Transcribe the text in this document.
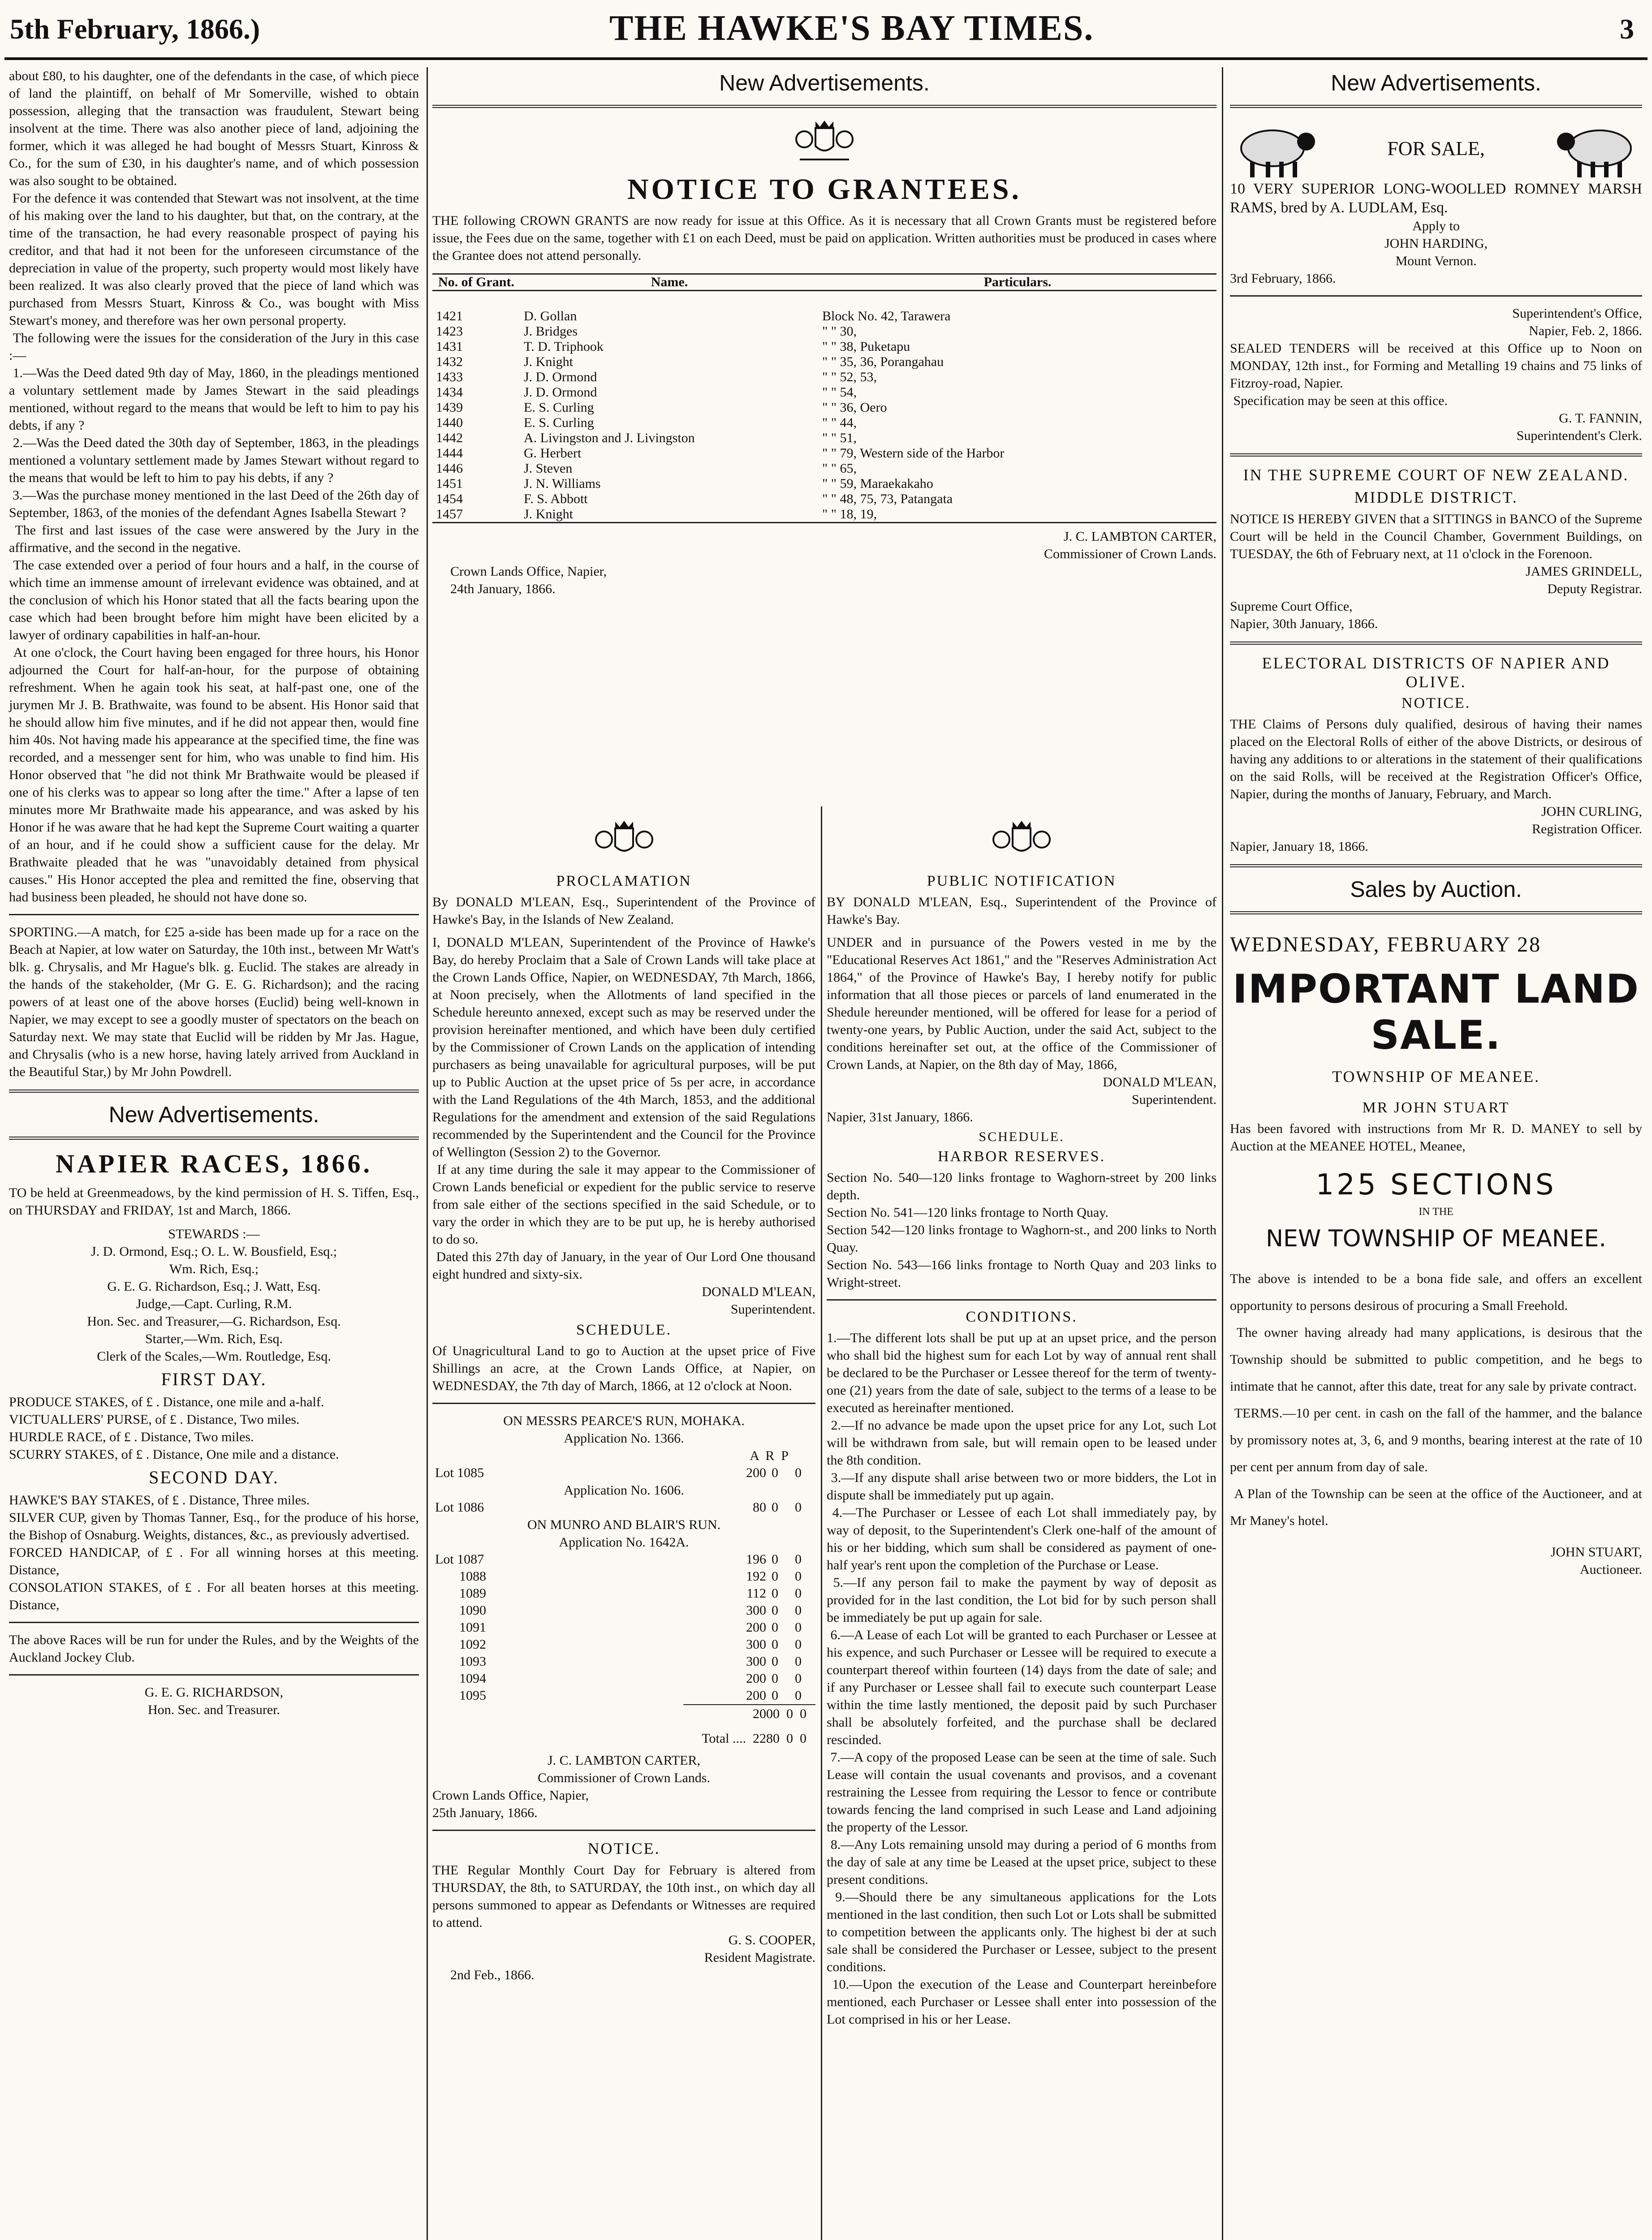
5th February, 1866.)	THE HAWKE'S BAY TIMES.	3
about £80, to his daughter, one of the defendants in the case, of which piece of land the plaintiff, on behalf of Mr Somerville, wished to obtain possession, alleging that the transaction was fraudulent, Stewart being insolvent at the time. There was also another piece of land, adjoining the former, which it was alleged he had bought of Messrs Stuart, Kinross & Co., for the sum of £30, in his daughter's name, and of which possession was also sought to be obtained.
For the defence it was contended that Stewart was not insolvent, at the time of his making over the land to his daughter, but that, on the contrary, at the time of the transaction, he had every reasonable prospect of paying his creditor, and that had it not been for the unforeseen circumstance of the depreciation in value of the property, such property would most likely have been realized. It was also clearly proved that the piece of land which was purchased from Messrs Stuart, Kinross & Co., was bought with Miss Stewart's money, and therefore was her own personal property.
The following were the issues for the consideration of the Jury in this case :—
1.—Was the Deed dated 9th day of May, 1860, in the pleadings mentioned a voluntary settlement made by James Stewart in the said pleadings mentioned, without regard to the means that would be left to him to pay his debts, if any ?
2.—Was the Deed dated the 30th day of September, 1863, in the pleadings mentioned a voluntary settlement made by James Stewart without regard to the means that would be left to him to pay his debts, if any ?
3.—Was the purchase money mentioned in the last Deed of the 26th day of September, 1863, of the monies of the defendant Agnes Isabella Stewart ?
The first and last issues of the case were answered by the Jury in the affirmative, and the second in the negative.
The case extended over a period of four hours and a half, in the course of which time an immense amount of irrelevant evidence was obtained, and at the conclusion of which his Honor stated that all the facts bearing upon the case which had been brought before him might have been elicited by a lawyer of ordinary capabilities in half-an-hour.
At one o'clock, the Court having been engaged for three hours, his Honor adjourned the Court for half-an-hour, for the purpose of obtaining refreshment. When he again took his seat, at half-past one, one of the jurymen Mr J. B. Brathwaite, was found to be absent. His Honor said that he should allow him five minutes, and if he did not appear then, would fine him 40s. Not having made his appearance at the specified time, the fine was recorded, and a messenger sent for him, who was unable to find him. His Honor observed that "he did not think Mr Brathwaite would be pleased if one of his clerks was to appear so long after the time." After a lapse of ten minutes more Mr Brathwaite made his appearance, and was asked by his Honor if he was aware that he had kept the Supreme Court waiting a quarter of an hour, and if he could show a sufficient cause for the delay. Mr Brathwaite pleaded that he was "unavoidably detained from physical causes." His Honor accepted the plea and remitted the fine, observing that had business been pleaded, he should not have done so.
SPORTING.—A match, for £25 a-side has been made up for a race on the Beach at Napier, at low water on Saturday, the 10th inst., between Mr Watt's blk. g. Chrysalis, and Mr Hague's blk. g. Euclid. The stakes are already in the hands of the stakeholder, (Mr G. E. G. Richardson); and the racing powers of at least one of the above horses (Euclid) being well-known in Napier, we may except to see a goodly muster of spectators on the beach on Saturday next. We may state that Euclid will be ridden by Mr Jas. Hague, and Chrysalis (who is a new horse, having lately arrived from Auckland in the Beautiful Star,) by Mr John Powdrell.
New Advertisements.
NAPIER RACES, 1866.
TO be held at Greenmeadows, by the kind permission of H. S. Tiffen, Esq., on THURSDAY and FRIDAY, 1st and March, 1866.
STEWARDS :—
J. D. Ormond, Esq.; O. L. W. Bousfield, Esq.;
Wm. Rich, Esq.;
G. E. G. Richardson, Esq.; J. Watt, Esq.
Judge,—Capt. Curling, R.M.
Hon. Sec. and Treasurer,—G. Richardson, Esq.
Starter,—Wm. Rich, Esq.
Clerk of the Scales,—Wm. Routledge, Esq.
FIRST DAY.
PRODUCE STAKES, of £ . Distance, one mile and a-half.
VICTUALLERS' PURSE, of £ . Distance, Two miles.
HURDLE RACE, of £ . Distance, Two miles.
SCURRY STAKES, of £ . Distance, One mile and a distance.
SECOND DAY.
HAWKE'S BAY STAKES, of £ . Distance, Three miles.
SILVER CUP, given by Thomas Tanner, Esq., for the produce of his horse, the Bishop of Osnaburg. Weights, distances, &c., as previously advertised.
FORCED HANDICAP, of £ . For all winning horses at this meeting. Distance,
CONSOLATION STAKES, of £ . For all beaten horses at this meeting. Distance,
The above Races will be run for under the Rules, and by the Weights of the Auckland Jockey Club.
G. E. G. RICHARDSON,
Hon. Sec. and Treasurer.
New Advertisements.
NOTICE TO GRANTEES.
THE following CROWN GRANTS are now ready for issue at this Office. As it is necessary that all Crown Grants must be registered before issue, the Fees due on the same, together with £1 on each Deed, must be paid on application. Written authorities must be produced in cases where the Grantee does not attend personally.
No. of Grant.	Name.	Particulars.

1421	D. Gollan	Block No. 42, Tarawera
1423	J. Bridges	" " 30,
1431	T. D. Triphook	" " 38, Puketapu
1432	J. Knight	" " 35, 36, Porangahau
1433	J. D. Ormond	" " 52, 53,
1434	J. D. Ormond	" " 54,
1439	E. S. Curling	" " 36, Oero
1440	E. S. Curling	" " 44,
1442	A. Livingston and J. Livingston	" " 51,
1444	G. Herbert	" " 79, Western side of the Harbor
1446	J. Steven	" " 65,
1451	J. N. Williams	" " 59, Maraekakaho
1454	F. S. Abbott	" " 48, 75, 73, Patangata
1457	J. Knight	" " 18, 19,
J. C. LAMBTON CARTER,
Commissioner of Crown Lands.
Crown Lands Office, Napier,
24th January, 1866.
PROCLAMATION
By DONALD M'LEAN, Esq., Superintendent of the Province of Hawke's Bay, in the Islands of New Zealand.
I, DONALD M'LEAN, Superintendent of the Province of Hawke's Bay, do hereby Proclaim that a Sale of Crown Lands will take place at the Crown Lands Office, Napier, on WEDNESDAY, 7th March, 1866, at Noon precisely, when the Allotments of land specified in the Schedule hereunto annexed, except such as may be reserved under the provision hereinafter mentioned, and which have been duly certified by the Commissioner of Crown Lands on the application of intending purchasers as being unavailable for agricultural purposes, will be put up to Public Auction at the upset price of 5s per acre, in accordance with the Land Regulations of the 4th March, 1853, and the additional Regulations for the amendment and extension of the said Regulations recommended by the Superintendent and the Council for the Province of Wellington (Session 2) to the Governor.
If at any time during the sale it may appear to the Commissioner of Crown Lands beneficial or expedient for the public service to reserve from sale either of the sections specified in the said Schedule, or to vary the order in which they are to be put up, he is hereby authorised to do so.
Dated this 27th day of January, in the year of Our Lord One thousand eight hundred and sixty-six.
DONALD M'LEAN,
Superintendent.
SCHEDULE.
Of Unagricultural Land to go to Auction at the upset price of Five Shillings an acre, at the Crown Lands Office, at Napier, on WEDNESDAY, the 7th day of March, 1866, at 12 o'clock at Noon.
ON MESSRS PEARCE'S RUN, MOHAKA.
Application No. 1366.
A  R  P
Lot 1085	200	0	0
Application No. 1606.
Lot 1086	80	0	0
ON MUNRO AND BLAIR'S RUN.
Application No. 1642A.
Lot 1087	196	0	0
1088	192	0	0
1089	112	0	0
1090	300	0	0
1091	200	0	0
1092	300	0	0
1093	300	0	0
1094	200	0	0
1095	200	0	0
2000  0  0
Total ....  2280  0  0
J. C. LAMBTON CARTER,
Commissioner of Crown Lands.
Crown Lands Office, Napier,
25th January, 1866.
NOTICE.
THE Regular Monthly Court Day for February is altered from THURSDAY, the 8th, to SATURDAY, the 10th inst., on which day all persons summoned to appear as Defendants or Witnesses are required to attend.
G. S. COOPER,
Resident Magistrate.
2nd Feb., 1866.
PUBLIC NOTIFICATION
BY DONALD M'LEAN, Esq., Superintendent of the Province of Hawke's Bay.
UNDER and in pursuance of the Powers vested in me by the "Educational Reserves Act 1861," and the "Reserves Administration Act 1864," of the Province of Hawke's Bay, I hereby notify for public information that all those pieces or parcels of land enumerated in the Shedule hereunder mentioned, will be offered for lease for a period of twenty-one years, by Public Auction, under the said Act, subject to the conditions hereinafter set out, at the office of the Commissioner of Crown Lands, at Napier, on the 8th day of May, 1866,
DONALD M'LEAN,
Superintendent.
Napier, 31st January, 1866.
SCHEDULE.
HARBOR RESERVES.
Section No. 540—120 links frontage to Waghorn-street by 200 links depth.
Section No. 541—120 links frontage to North Quay.
Section 542—120 links frontage to Waghorn-st., and 200 links to North Quay.
Section No. 543—166 links frontage to North Quay and 203 links to Wright-street.
CONDITIONS.
1.—The different lots shall be put up at an upset price, and the person who shall bid the highest sum for each Lot by way of annual rent shall be declared to be the Purchaser or Lessee thereof for the term of twenty-one (21) years from the date of sale, subject to the terms of a lease to be executed as hereinafter mentioned.
2.—If no advance be made upon the upset price for any Lot, such Lot will be withdrawn from sale, but will remain open to be leased under the 8th condition.
3.—If any dispute shall arise between two or more bidders, the Lot in dispute shall be immediately put up again.
4.—The Purchaser or Lessee of each Lot shall immediately pay, by way of deposit, to the Superintendent's Clerk one-half of the amount of his or her bidding, which sum shall be considered as payment of one-half year's rent upon the completion of the Purchase or Lease.
5.—If any person fail to make the payment by way of deposit as provided for in the last condition, the Lot bid for by such person shall be immediately be put up again for sale.
6.—A Lease of each Lot will be granted to each Purchaser or Lessee at his expence, and such Purchaser or Lessee will be required to execute a counterpart thereof within fourteen (14) days from the date of sale; and if any Purchaser or Lessee shall fail to execute such counterpart Lease within the time lastly mentioned, the deposit paid by such Purchaser shall be absolutely forfeited, and the purchase shall be declared rescinded.
7.—A copy of the proposed Lease can be seen at the time of sale. Such Lease will contain the usual covenants and provisos, and a covenant restraining the Lessee from requiring the Lessor to fence or contribute towards fencing the land comprised in such Lease and Land adjoining the property of the Lessor.
8.—Any Lots remaining unsold may during a period of 6 months from the day of sale at any time be Leased at the upset price, subject to these present conditions.
9.—Should there be any simultaneous applications for the Lots mentioned in the last condition, then such Lot or Lots shall be submitted to competition between the applicants only. The highest bi der at such sale shall be considered the Purchaser or Lessee, subject to the present conditions.
10.—Upon the execution of the Lease and Counterpart hereinbefore mentioned, each Purchaser or Lessee shall enter into possession of the Lot comprised in his or her Lease.
New Advertisements.
FOR SALE,
10 VERY SUPERIOR LONG-WOOLLED ROMNEY MARSH RAMS, bred by A. LUDLAM, Esq.
Apply to
JOHN HARDING,
Mount Vernon.
3rd February, 1866.
Superintendent's Office,
Napier, Feb. 2, 1866.
SEALED TENDERS will be received at this Office up to Noon on MONDAY, 12th inst., for Forming and Metalling 19 chains and 75 links of Fitzroy-road, Napier.
Specification may be seen at this office.
G. T. FANNIN,
Superintendent's Clerk.
IN THE SUPREME COURT OF NEW ZEALAND.
MIDDLE DISTRICT.
NOTICE IS HEREBY GIVEN that a SITTINGS in BANCO of the Supreme Court will be held in the Council Chamber, Government Buildings, on TUESDAY, the 6th of February next, at 11 o'clock in the Forenoon.
JAMES GRINDELL,
Deputy Registrar.
Supreme Court Office,
Napier, 30th January, 1866.
ELECTORAL DISTRICTS OF NAPIER AND OLIVE.
NOTICE.
THE Claims of Persons duly qualified, desirous of having their names placed on the Electoral Rolls of either of the above Districts, or desirous of having any additions to or alterations in the statement of their qualifications on the said Rolls, will be received at the Registration Officer's Office, Napier, during the months of January, February, and March.
JOHN CURLING,
Registration Officer.
Napier, January 18, 1866.
Sales by Auction.
WEDNESDAY, FEBRUARY 28
IMPORTANT LAND SALE.
TOWNSHIP OF MEANEE.
MR JOHN STUART
Has been favored with instructions from Mr R. D. MANEY to sell by Auction at the MEANEE HOTEL, Meanee,
125 SECTIONS
IN THE
NEW TOWNSHIP OF MEANEE.
The above is intended to be a bona fide sale, and offers an excellent opportunity to persons desirous of procuring a Small Freehold.
The owner having already had many applications, is desirous that the Township should be submitted to public competition, and he begs to intimate that he cannot, after this date, treat for any sale by private contract.
TERMS.—10 per cent. in cash on the fall of the hammer, and the balance by promissory notes at, 3, 6, and 9 months, bearing interest at the rate of 10 per cent per annum from day of sale.
A Plan of the Township can be seen at the office of the Auctioneer, and at Mr Maney's hotel.
JOHN STUART,
Auctioneer.
